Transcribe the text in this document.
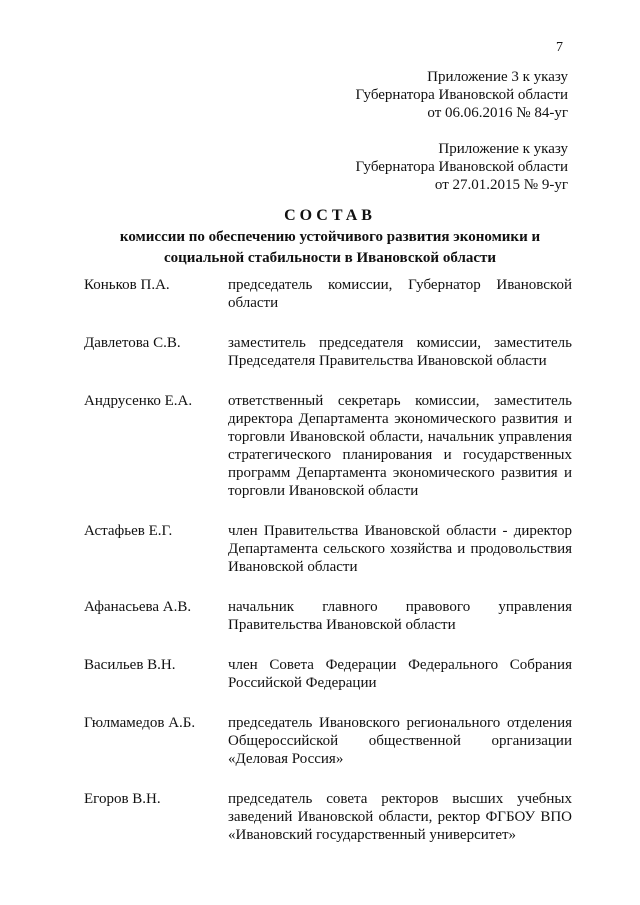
7
Приложение 3 к указу
Губернатора Ивановской области
от 06.06.2016 № 84-уг
Приложение к указу
Губернатора Ивановской области
от 27.01.2015 № 9-уг
СОСТАВ
комиссии по обеспечению устойчивого развития экономики и
социальной стабильности в Ивановской области
Коньков П.А.	председатель комиссии, Губернатор Ивановской области
Давлетова С.В.	заместитель председателя комиссии, заместитель Председателя Правительства Ивановской области
Андрусенко Е.А.	ответственный секретарь комиссии, заместитель директора Департамента экономического развития и торговли Ивановской области, начальник управления стратегического планирования и государственных программ Департамента экономического развития и торговли Ивановской области
Астафьев Е.Г.	член Правительства Ивановской области - директор Департамента сельского хозяйства и продовольствия Ивановской области
Афанасьева А.В.	начальник главного правового управления Правительства Ивановской области
Васильев В.Н.	член Совета Федерации Федерального Собрания Российской Федерации
Гюлмамедов А.Б.	председатель Ивановского регионального отделения Общероссийской общественной организации «Деловая Россия»
Егоров В.Н.	председатель совета ректоров высших учебных заведений Ивановской области, ректор ФГБОУ ВПО «Ивановский государственный университет»
